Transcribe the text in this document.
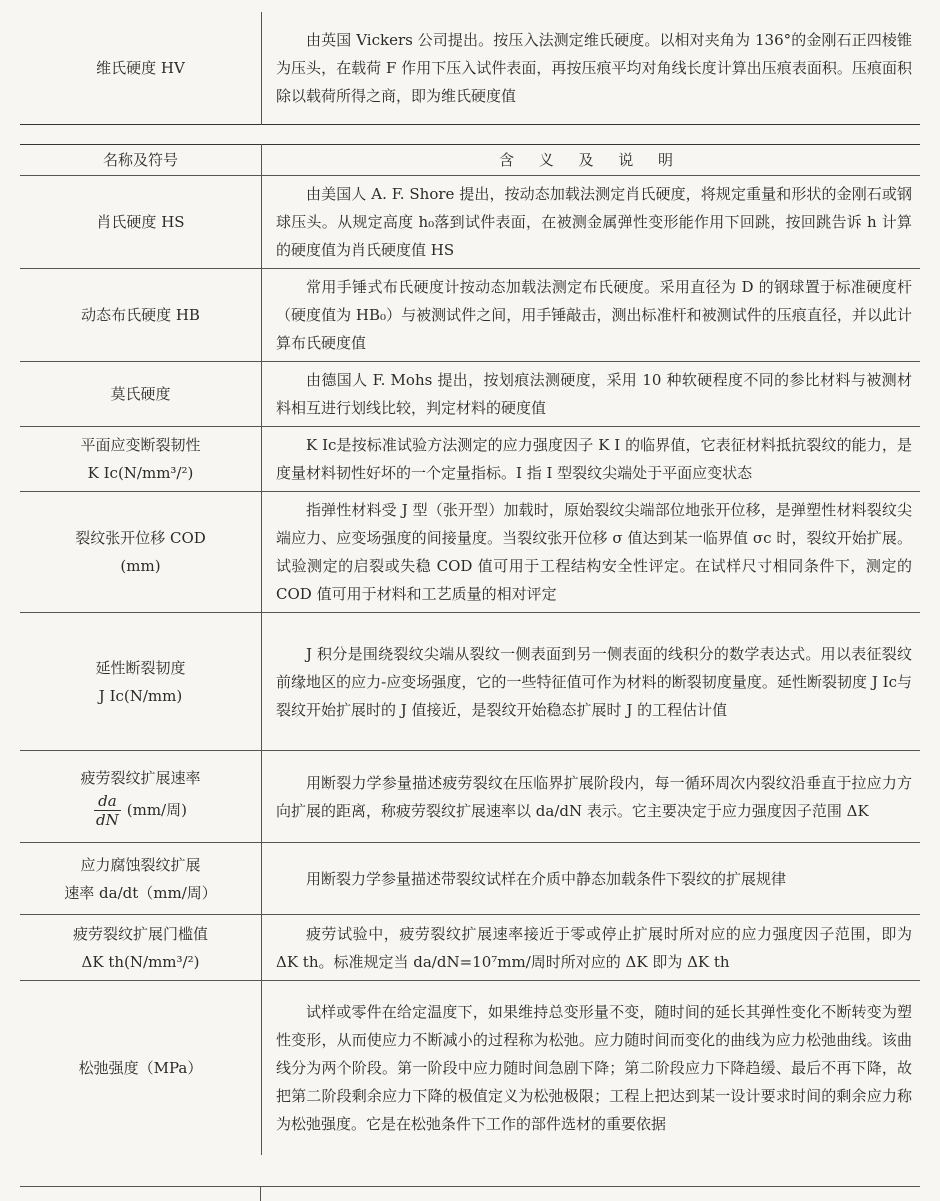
维氏硬度 HV	由英国 Vickers 公司提出。按压入法测定维氏硬度。以相对夹角为 136°的金刚石正四棱锥为压头，在载荷 F 作用下压入试件表面，再按压痕平均对角线长度计算出压痕表面积。压痕面积除以载荷所得之商，即为维氏硬度值
名称及符号	含 义 及 说 明

肖氏硬度 HS	由美国人 A. F. Shore 提出，按动态加载法测定肖氏硬度，将规定重量和形状的金刚石或钢球压头。从规定高度 h₀落到试件表面，在被测金属弹性变形能作用下回跳，按回跳告诉 h 计算的硬度值为肖氏硬度值 HS

动态布氏硬度 HB	常用手锤式布氏硬度计按动态加载法测定布氏硬度。采用直径为 D 的钢球置于标准硬度杆（硬度值为 HB₀）与被测试件之间，用手锤敲击，测出标准杆和被测试件的压痕直径，并以此计算布氏硬度值

莫氏硬度	由德国人 F. Mohs 提出，按划痕法测硬度，采用 10 种软硬程度不同的参比材料与被测材料相互进行划线比较，判定材料的硬度值

平面应变断裂韧性
K Ic(N/mm³/²)	K Ic是按标准试验方法测定的应力强度因子 K I 的临界值，它表征材料抵抗裂纹的能力，是度量材料韧性好坏的一个定量指标。I 指 I 型裂纹尖端处于平面应变状态

裂纹张开位移 COD
(mm)	指弹性材料受 J 型（张开型）加载时，原始裂纹尖端部位地张开位移，是弹塑性材料裂纹尖端应力、应变场强度的间接量度。当裂纹张开位移 σ 值达到某一临界值 σc 时，裂纹开始扩展。试验测定的启裂或失稳 COD 值可用于工程结构安全性评定。在试样尺寸相同条件下，测定的 COD 值可用于材料和工艺质量的相对评定

延性断裂韧度
J Ic(N/mm)	J 积分是围绕裂纹尖端从裂纹一侧表面到另一侧表面的线积分的数学表达式。用以表征裂纹前缘地区的应力-应变场强度，它的一些特征值可作为材料的断裂韧度量度。延性断裂韧度 J Ic与裂纹开始扩展时的 J 值接近，是裂纹开始稳态扩展时 J 的工程估计值

疲劳裂纹扩展速率
$\frac{da}{dN} (mm/$周)	用断裂力学参量描述疲劳裂纹在压临界扩展阶段内，每一循环周次内裂纹沿垂直于拉应力方向扩展的距离，称疲劳裂纹扩展速率以 da/dN 表示。它主要决定于应力强度因子范围 ΔK

应力腐蚀裂纹扩展
速率 da/dt（mm/周）	用断裂力学参量描述带裂纹试样在介质中静态加载条件下裂纹的扩展规律

疲劳裂纹扩展门槛值
ΔK th(N/mm³/²)	疲劳试验中，疲劳裂纹扩展速率接近于零或停止扩展时所对应的应力强度因子范围，即为 ΔK th。标准规定当 da/dN=10⁷mm/周时所对应的 ΔK 即为 ΔK th

松弛强度（MPa）	试样或零件在给定温度下，如果维持总变形量不变，随时间的延长其弹性变化不断转变为塑性变形，从而使应力不断减小的过程称为松弛。应力随时间而变化的曲线为应力松弛曲线。该曲线分为两个阶段。第一阶段中应力随时间急剧下降；第二阶段应力下降趋缓、最后不再下降，故把第二阶段剩余应力下降的极值定义为松弛极限；工程上把达到某一设计要求时间的剩余应力称为松弛强度。它是在松弛条件下工作的部件选材的重要依据
